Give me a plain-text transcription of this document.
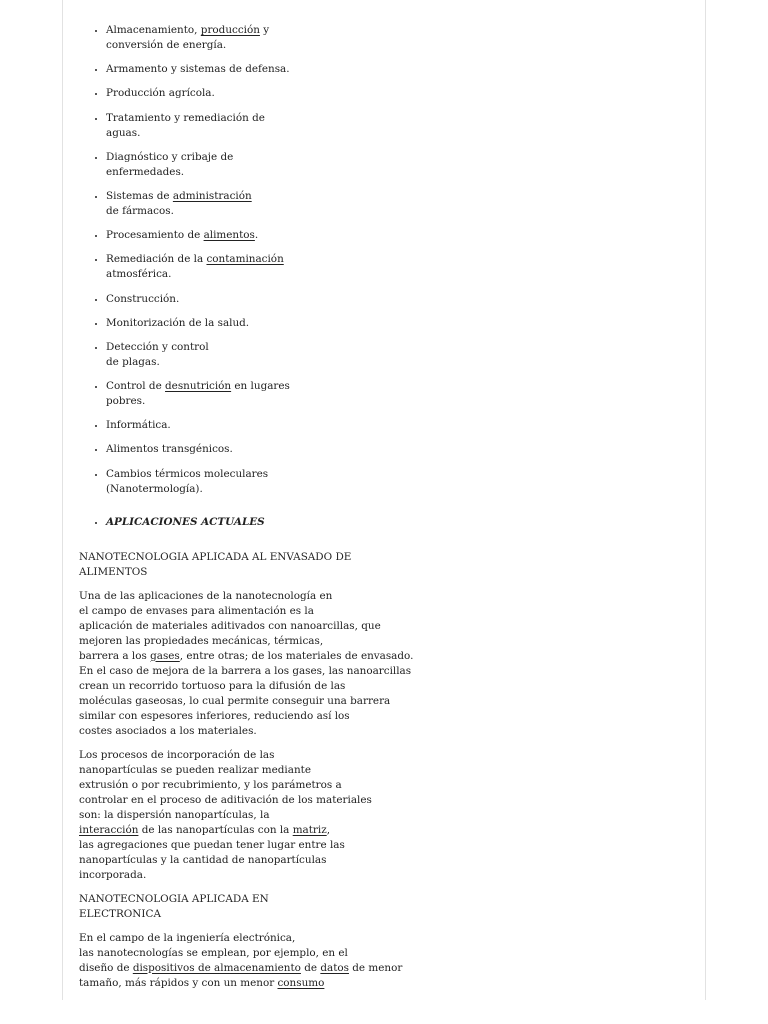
• Almacenamiento, producción y
conversión de energía.
• Armamento y sistemas de defensa.
• Producción agrícola.
• Tratamiento y remediación de
aguas.
• Diagnóstico y cribaje de
enfermedades.
• Sistemas de administración
de fármacos.
• Procesamiento de alimentos.
• Remediación de la contaminación
atmosférica.
• Construcción.
• Monitorización de la salud.
• Detección y control
de plagas.
• Control de desnutrición en lugares
pobres.
• Informática.
• Alimentos transgénicos.
• Cambios térmicos moleculares
(Nanotermología).
• APLICACIONES ACTUALES
NANOTECNOLOGIA APLICADA AL ENVASADO DE
ALIMENTOS

Una de las aplicaciones de la nanotecnología en
el campo de envases para alimentación es la
aplicación de materiales aditivados con nanoarcillas, que
mejoren las propiedades mecánicas, térmicas,
barrera a los gases, entre otras; de los materiales de envasado.
En el caso de mejora de la barrera a los gases, las nanoarcillas
crean un recorrido tortuoso para la difusión de las
moléculas gaseosas, lo cual permite conseguir una barrera
similar con espesores inferiores, reduciendo así los
costes asociados a los materiales.

Los procesos de incorporación de las
nanopartículas se pueden realizar mediante
extrusión o por recubrimiento, y los parámetros a
controlar en el proceso de aditivación de los materiales
son: la dispersión nanopartículas, la
interacción de las nanopartículas con la matriz,
las agregaciones que puedan tener lugar entre las
nanopartículas y la cantidad de nanopartículas
incorporada.

NANOTECNOLOGIA APLICADA EN
ELECTRONICA

En el campo de la ingeniería electrónica,
las nanotecnologías se emplean, por ejemplo, en el
diseño de dispositivos de almacenamiento de datos de menor
tamaño, más rápidos y con un menor consumo
